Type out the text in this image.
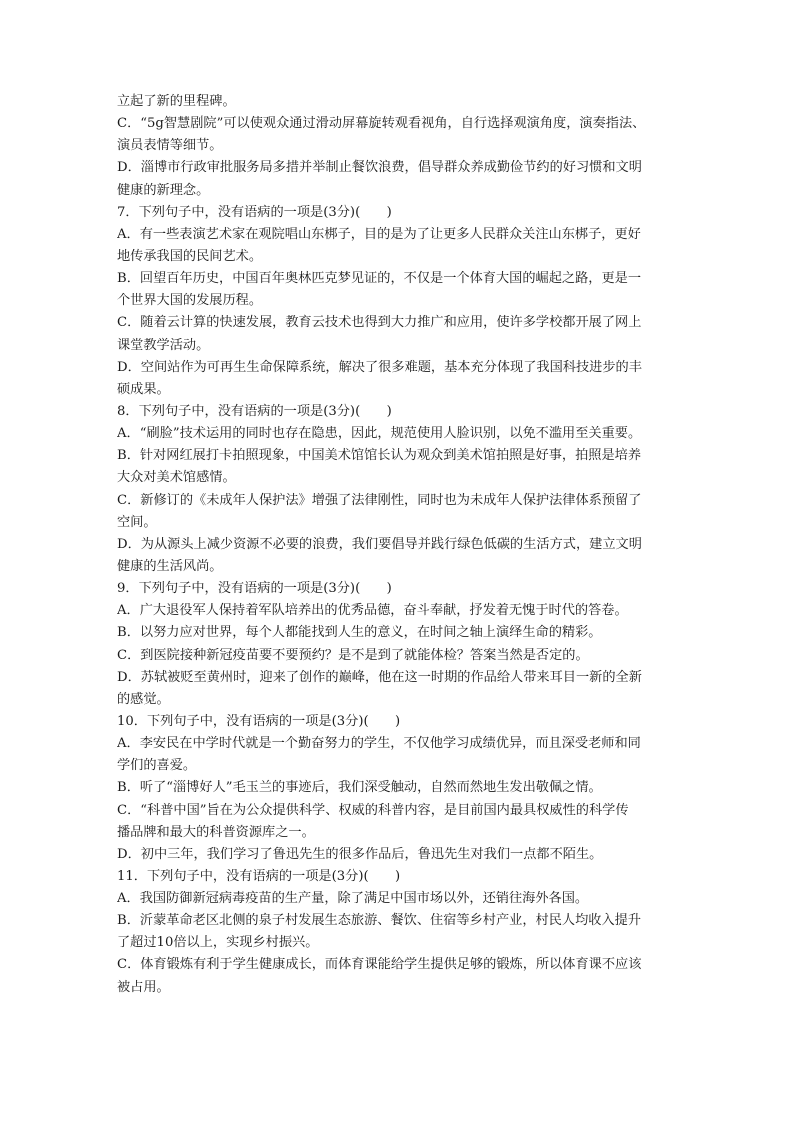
立起了新的里程碑。
C．“5g智慧剧院”可以使观众通过滑动屏幕旋转观看视角，自行选择观演角度，演奏指法、
演员表情等细节。
D．淄博市行政审批服务局多措并举制止餐饮浪费，倡导群众养成勤俭节约的好习惯和文明
健康的新理念。
7．下列句子中，没有语病的一项是(3分)(　　)
A．有一些表演艺术家在观院唱山东梆子，目的是为了让更多人民群众关注山东梆子，更好
地传承我国的民间艺术。
B．回望百年历史，中国百年奥林匹克梦见证的，不仅是一个体育大国的崛起之路，更是一
个世界大国的发展历程。
C．随着云计算的快速发展，教育云技术也得到大力推广和应用，使许多学校都开展了网上
课堂教学活动。
D．空间站作为可再生生命保障系统，解决了很多难题，基本充分体现了我国科技进步的丰
硕成果。
8．下列句子中，没有语病的一项是(3分)(　　)
A．“刷脸”技术运用的同时也存在隐患，因此，规范使用人脸识别，以免不滥用至关重要。
B．针对网红展打卡拍照现象，中国美术馆馆长认为观众到美术馆拍照是好事，拍照是培养
大众对美术馆感情。
C．新修订的《未成年人保护法》增强了法律刚性，同时也为未成年人保护法律体系预留了
空间。
D．为从源头上减少资源不必要的浪费，我们要倡导并践行绿色低碳的生活方式，建立文明
健康的生活风尚。
9．下列句子中，没有语病的一项是(3分)(　　)
A．广大退役军人保持着军队培养出的优秀品德，奋斗奉献，抒发着无愧于时代的答卷。
B．以努力应对世界，每个人都能找到人生的意义，在时间之轴上演绎生命的精彩。
C．到医院接种新冠疫苗要不要预约？是不是到了就能体检？答案当然是否定的。
D．苏轼被贬至黄州时，迎来了创作的巅峰，他在这一时期的作品给人带来耳目一新的全新
的感觉。
10．下列句子中，没有语病的一项是(3分)(　　)
A．李安民在中学时代就是一个勤奋努力的学生，不仅他学习成绩优异，而且深受老师和同
学们的喜爱。
B．听了“淄博好人”毛玉兰的事迹后，我们深受触动，自然而然地生发出敬佩之情。
C．“科普中国”旨在为公众提供科学、权威的科普内容，是目前国内最具权威性的科学传
播品牌和最大的科普资源库之一。
D．初中三年，我们学习了鲁迅先生的很多作品后，鲁迅先生对我们一点都不陌生。
11．下列句子中，没有语病的一项是(3分)(　　)
A．我国防御新冠病毒疫苗的生产量，除了满足中国市场以外，还销往海外各国。
B．沂蒙革命老区北侧的泉子村发展生态旅游、餐饮、住宿等乡村产业，村民人均收入提升
了超过10倍以上，实现乡村振兴。
C．体育锻炼有利于学生健康成长，而体育课能给学生提供足够的锻炼，所以体育课不应该
被占用。
